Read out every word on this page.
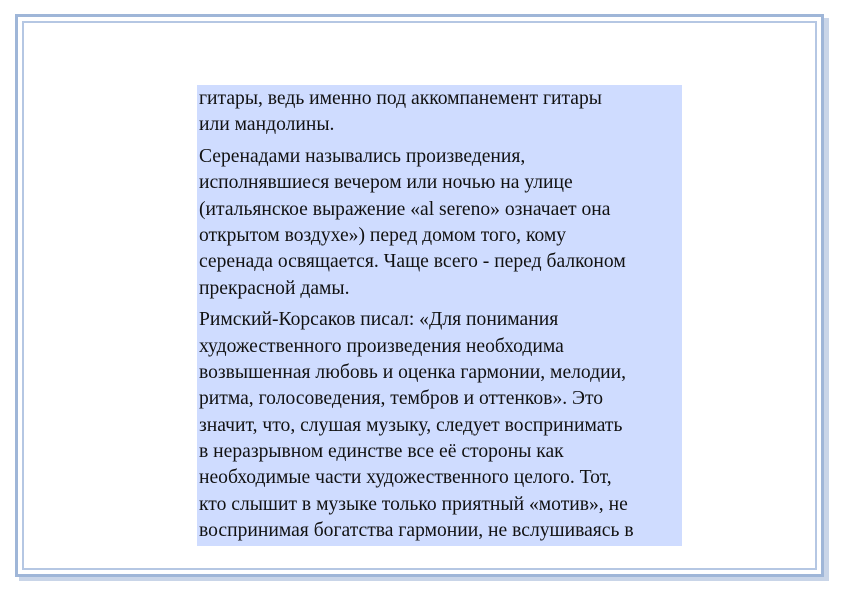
гитары, ведь именно под аккомпанемент гитары
или мандолины.
Серенадами назывались произведения,
исполнявшиеся вечером или ночью на улице
(итальянское выражение «al sereno» означает она
открытом воздухе») перед домом того, кому
серенада освящается. Чаще всего - перед балконом
прекрасной дамы.
Римский-Корсаков писал: «Для понимания
художественного произведения необходима
возвышенная любовь и оценка гармонии, мелодии,
ритма, голосоведения, тембров и оттенков». Это
значит, что, слушая музыку, следует воспринимать
в неразрывном единстве все её стороны как
необходимые части художественного целого. Тот,
кто слышит в музыке только приятный «мотив», не
воспринимая богатства гармонии, не вслушиваясь в
